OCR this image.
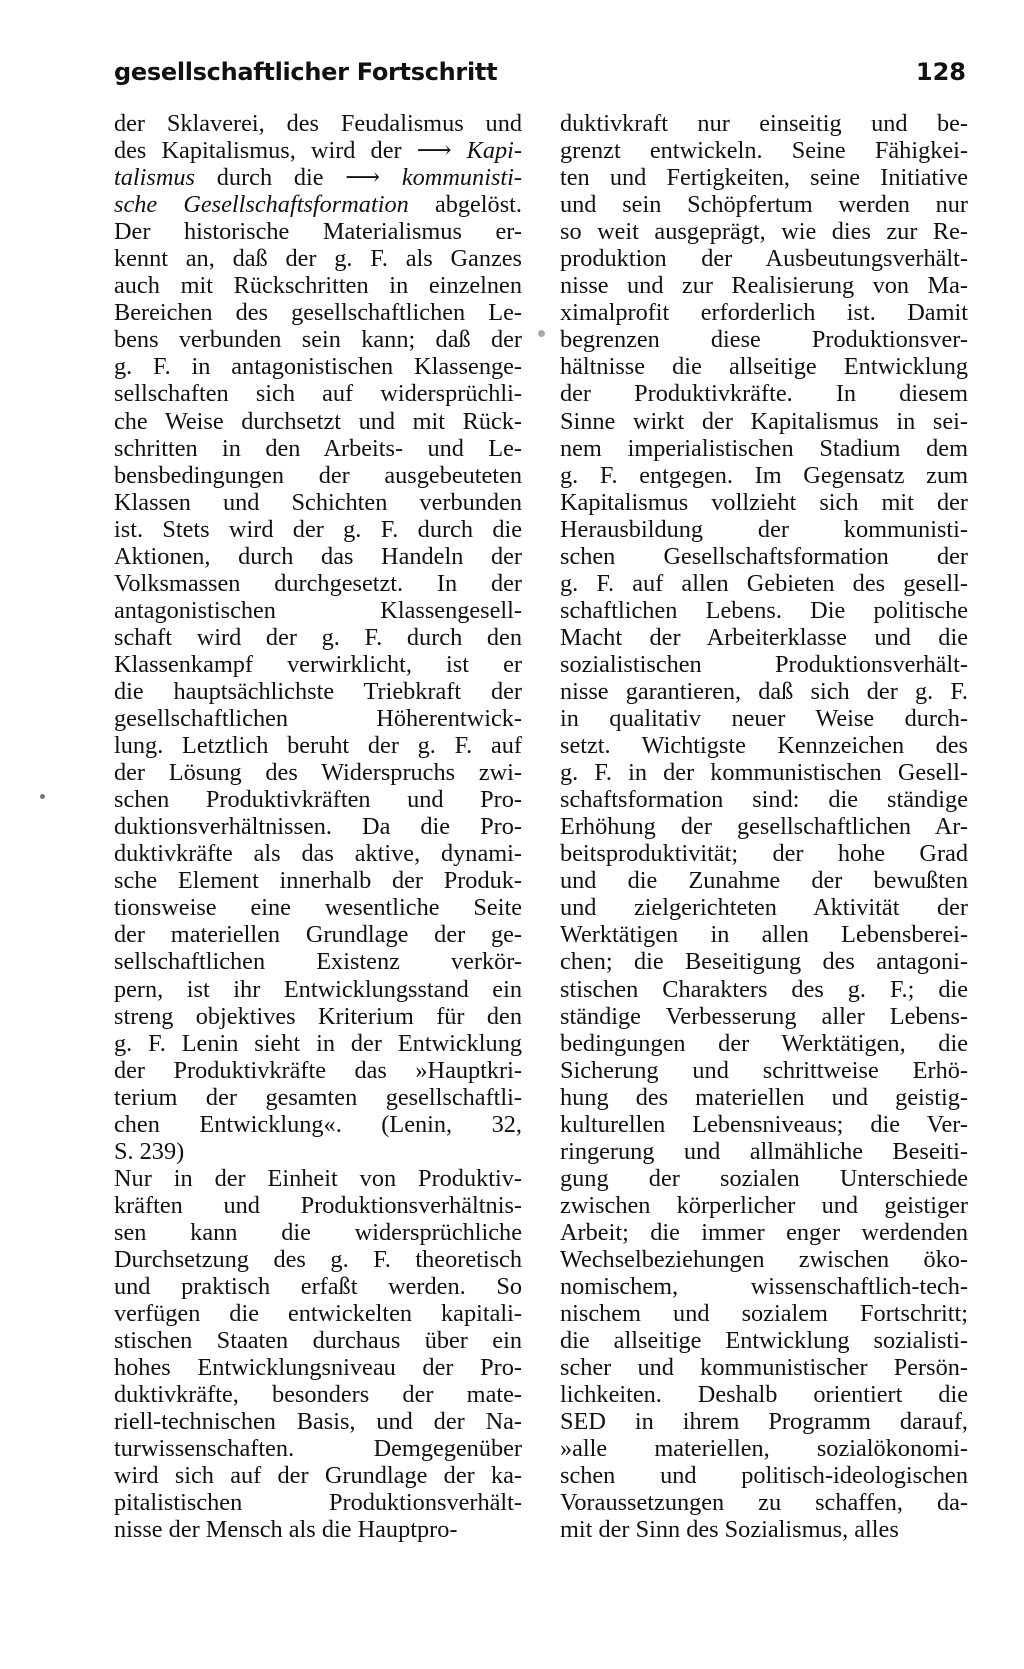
gesellschaftlicher Fortschritt	128
der Sklaverei, des Feudalismus und
des Kapitalismus, wird der ⟶ Kapi-
talismus durch die ⟶ kommunisti-
sche Gesellschaftsformation abgelöst.
Der historische Materialismus er-
kennt an, daß der g. F. als Ganzes
auch mit Rückschritten in einzelnen
Bereichen des gesellschaftlichen Le-
bens verbunden sein kann; daß der
g. F. in antagonistischen Klassenge-
sellschaften sich auf widersprüchli-
che Weise durchsetzt und mit Rück-
schritten in den Arbeits- und Le-
bensbedingungen der ausgebeuteten
Klassen und Schichten verbunden
ist. Stets wird der g. F. durch die
Aktionen, durch das Handeln der
Volksmassen durchgesetzt. In der
antagonistischen Klassengesell-
schaft wird der g. F. durch den
Klassenkampf verwirklicht, ist er
die hauptsächlichste Triebkraft der
gesellschaftlichen Höherentwick-
lung. Letztlich beruht der g. F. auf
der Lösung des Widerspruchs zwi-
schen Produktivkräften und Pro-
duktionsverhältnissen. Da die Pro-
duktivkräfte als das aktive, dynami-
sche Element innerhalb der Produk-
tionsweise eine wesentliche Seite
der materiellen Grundlage der ge-
sellschaftlichen Existenz verkör-
pern, ist ihr Entwicklungsstand ein
streng objektives Kriterium für den
g. F. Lenin sieht in der Entwicklung
der Produktivkräfte das »Hauptkri-
terium der gesamten gesellschaftli-
chen Entwicklung«. (Lenin, 32,
S. 239)
Nur in der Einheit von Produktiv-
kräften und Produktionsverhältnis-
sen kann die widersprüchliche
Durchsetzung des g. F. theoretisch
und praktisch erfaßt werden. So
verfügen die entwickelten kapitali-
stischen Staaten durchaus über ein
hohes Entwicklungsniveau der Pro-
duktivkräfte, besonders der mate-
riell-technischen Basis, und der Na-
turwissenschaften. Demgegenüber
wird sich auf der Grundlage der ka-
pitalistischen Produktionsverhält-
nisse der Mensch als die Hauptpro-
duktivkraft nur einseitig und be-
grenzt entwickeln. Seine Fähigkei-
ten und Fertigkeiten, seine Initiative
und sein Schöpfertum werden nur
so weit ausgeprägt, wie dies zur Re-
produktion der Ausbeutungsverhält-
nisse und zur Realisierung von Ma-
ximalprofit erforderlich ist. Damit
begrenzen diese Produktionsver-
hältnisse die allseitige Entwicklung
der Produktivkräfte. In diesem
Sinne wirkt der Kapitalismus in sei-
nem imperialistischen Stadium dem
g. F. entgegen. Im Gegensatz zum
Kapitalismus vollzieht sich mit der
Herausbildung der kommunisti-
schen Gesellschaftsformation der
g. F. auf allen Gebieten des gesell-
schaftlichen Lebens. Die politische
Macht der Arbeiterklasse und die
sozialistischen Produktionsverhält-
nisse garantieren, daß sich der g. F.
in qualitativ neuer Weise durch-
setzt. Wichtigste Kennzeichen des
g. F. in der kommunistischen Gesell-
schaftsformation sind: die ständige
Erhöhung der gesellschaftlichen Ar-
beitsproduktivität; der hohe Grad
und die Zunahme der bewußten
und zielgerichteten Aktivität der
Werktätigen in allen Lebensberei-
chen; die Beseitigung des antagoni-
stischen Charakters des g. F.; die
ständige Verbesserung aller Lebens-
bedingungen der Werktätigen, die
Sicherung und schrittweise Erhö-
hung des materiellen und geistig-
kulturellen Lebensniveaus; die Ver-
ringerung und allmähliche Beseiti-
gung der sozialen Unterschiede
zwischen körperlicher und geistiger
Arbeit; die immer enger werdenden
Wechselbeziehungen zwischen öko-
nomischem, wissenschaftlich-tech-
nischem und sozialem Fortschritt;
die allseitige Entwicklung sozialisti-
scher und kommunistischer Persön-
lichkeiten. Deshalb orientiert die
SED in ihrem Programm darauf,
»alle materiellen, sozialökonomi-
schen und politisch-ideologischen
Voraussetzungen zu schaffen, da-
mit der Sinn des Sozialismus, alles
